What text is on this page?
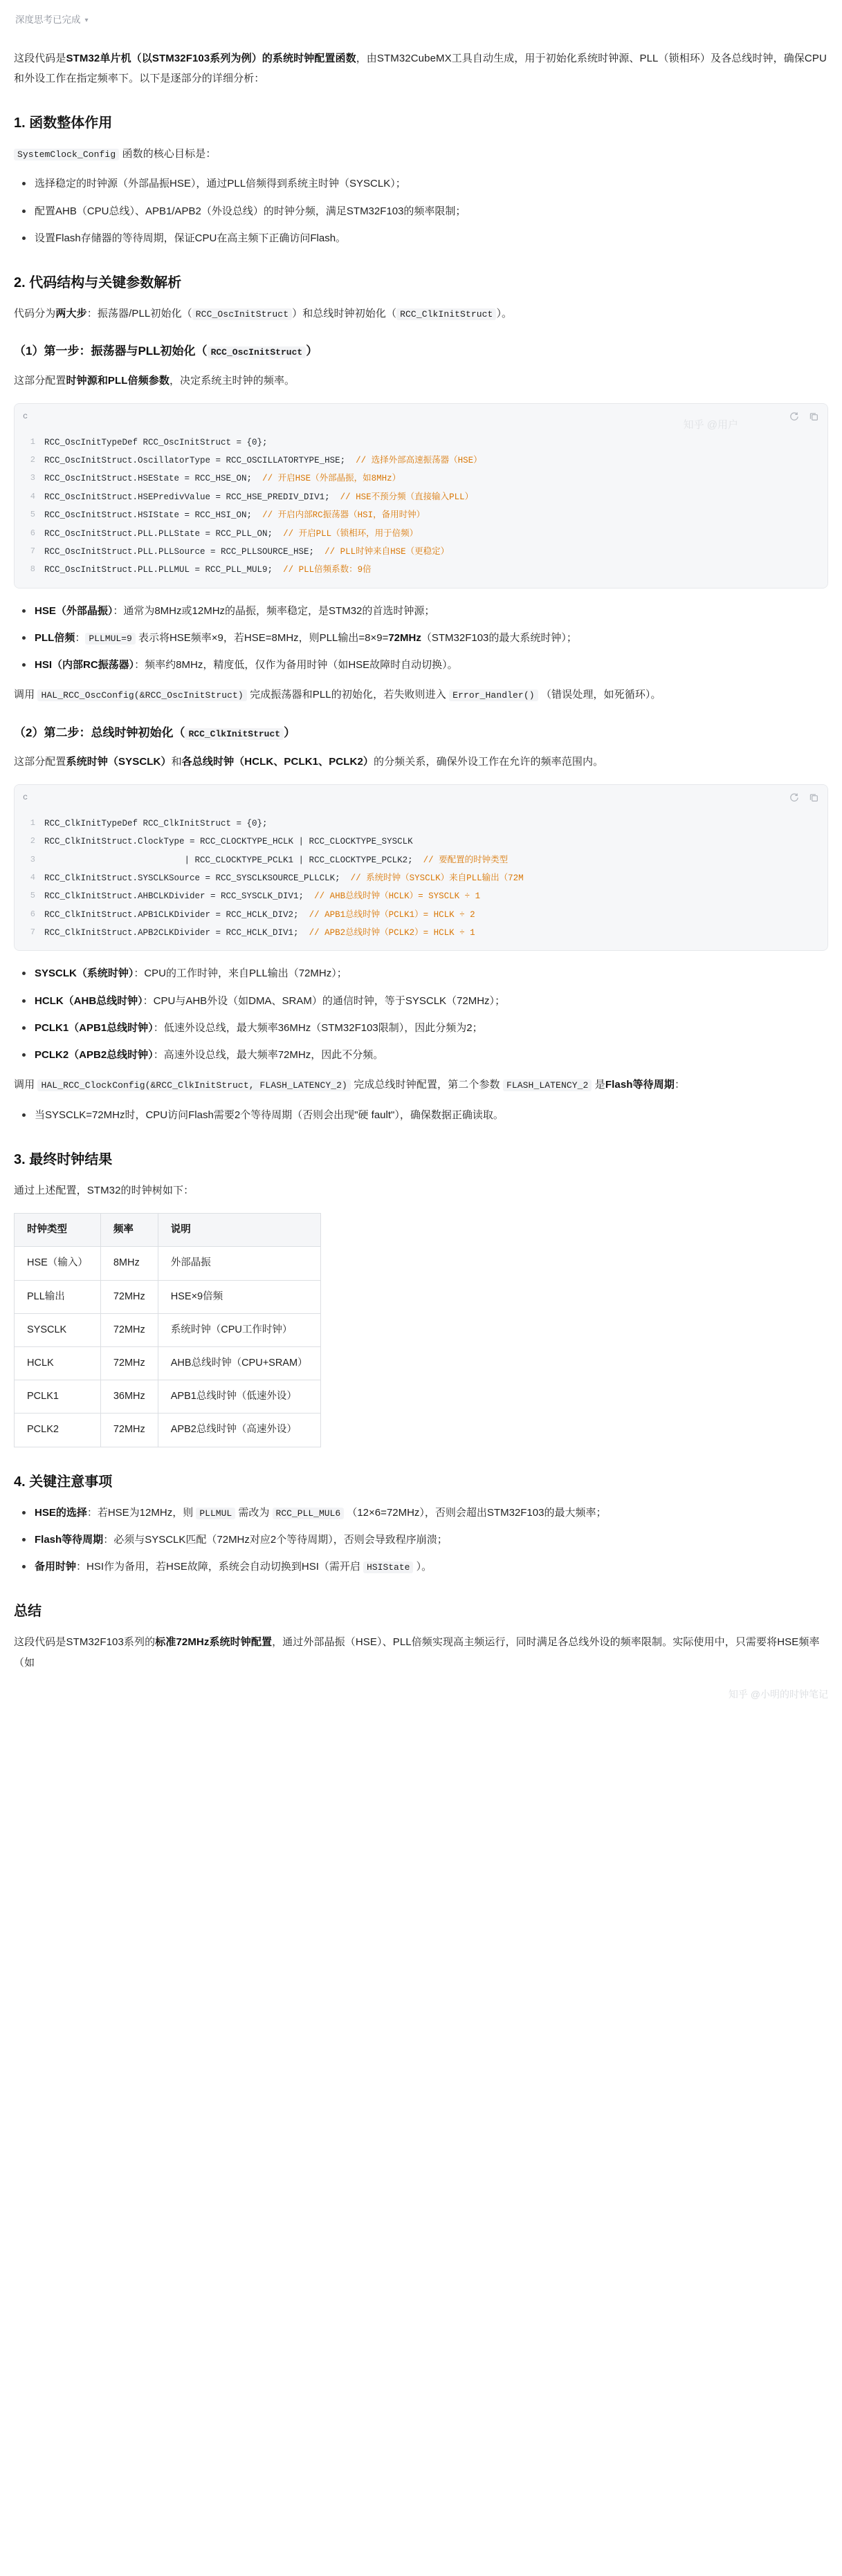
深度思考已完成 ▾

这段代码是STM32单片机（以STM32F103系列为例）的系统时钟配置函数，由STM32CubeMX工具自动生成，用于初始化系统时钟源、PLL（锁相环）及各总线时钟，确保CPU和外设工作在指定频率下。以下是逐部分的详细分析：

1. 函数整体作用

SystemClock_Config 函数的核心目标是：

选择稳定的时钟源（外部晶振HSE），通过PLL倍频得到系统主时钟（SYSCLK）；
配置AHB（CPU总线）、APB1/APB2（外设总线）的时钟分频，满足STM32F103的频率限制；
设置Flash存储器的等待周期，保证CPU在高主频下正确访问Flash。
2. 代码结构与关键参数解析

代码分为两大步：振荡器/PLL初始化（ RCC_OscInitStruct ）和总线时钟初始化（ RCC_ClkInitStruct ）。

（1）第一步：振荡器与PLL初始化（ RCC_OscInitStruct ）

这部分配置时钟源和PLL倍频参数，决定系统主时钟的频率。

c
1	RCC_OscInitTypeDef RCC_OscInitStruct = {0};
2	RCC_OscInitStruct.OscillatorType = RCC_OSCILLATORTYPE_HSE; // 选择外部高速振荡器（HSE）
3	RCC_OscInitStruct.HSEState = RCC_HSE_ON; // 开启HSE（外部晶振，如8MHz）
4	RCC_OscInitStruct.HSEPredivValue = RCC_HSE_PREDIV_DIV1; // HSE不预分频（直接输入PLL）
5	RCC_OscInitStruct.HSIState = RCC_HSI_ON; // 开启内部RC振荡器（HSI，备用时钟）
6	RCC_OscInitStruct.PLL.PLLState = RCC_PLL_ON; // 开启PLL（锁相环，用于倍频）
7	RCC_OscInitStruct.PLL.PLLSource = RCC_PLLSOURCE_HSE; // PLL时钟来自HSE（更稳定）
8	RCC_OscInitStruct.PLL.PLLMUL = RCC_PLL_MUL9; // PLL倍频系数：9倍
知乎 @用户
HSE（外部晶振）：通常为8MHz或12MHz的晶振，频率稳定，是STM32的首选时钟源；
PLL倍频： PLLMUL=9 表示将HSE频率×9，若HSE=8MHz，则PLL输出=8×9=72MHz（STM32F103的最大系统时钟）；
HSI（内部RC振荡器）：频率约8MHz，精度低，仅作为备用时钟（如HSE故障时自动切换）。

调用 HAL_RCC_OscConfig(&RCC_OscInitStruct) 完成振荡器和PLL的初始化，若失败则进入 Error_Handler() （错误处理，如死循环）。

（2）第二步：总线时钟初始化（ RCC_ClkInitStruct ）

这部分配置系统时钟（SYSCLK）和各总线时钟（HCLK、PCLK1、PCLK2）的分频关系，确保外设工作在允许的频率范围内。

c
1	RCC_ClkInitTypeDef RCC_ClkInitStruct = {0};
2	RCC_ClkInitStruct.ClockType = RCC_CLOCKTYPE_HCLK | RCC_CLOCKTYPE_SYSCLK
3	| RCC_CLOCKTYPE_PCLK1 | RCC_CLOCKTYPE_PCLK2; // 要配置的时钟类型
4	RCC_ClkInitStruct.SYSCLKSource = RCC_SYSCLKSOURCE_PLLCLK; // 系统时钟（SYSCLK）来自PLL输出（72M
5	RCC_ClkInitStruct.AHBCLKDivider = RCC_SYSCLK_DIV1; // AHB总线时钟（HCLK）= SYSCLK ÷ 1
6	RCC_ClkInitStruct.APB1CLKDivider = RCC_HCLK_DIV2; // APB1总线时钟（PCLK1）= HCLK ÷ 2
7	RCC_ClkInitStruct.APB2CLKDivider = RCC_HCLK_DIV1; // APB2总线时钟（PCLK2）= HCLK ÷ 1
SYSCLK（系统时钟）：CPU的工作时钟，来自PLL输出（72MHz）；
HCLK（AHB总线时钟）：CPU与AHB外设（如DMA、SRAM）的通信时钟，等于SYSCLK（72MHz）；
PCLK1（APB1总线时钟）：低速外设总线，最大频率36MHz（STM32F103限制），因此分频为2；
PCLK2（APB2总线时钟）：高速外设总线，最大频率72MHz，因此不分频。

调用 HAL_RCC_ClockConfig(&RCC_ClkInitStruct, FLASH_LATENCY_2) 完成总线时钟配置，第二个参数 FLASH_LATENCY_2 是Flash等待周期：

当SYSCLK=72MHz时，CPU访问Flash需要2个等待周期（否则会出现"硬 fault"），确保数据正确读取。
3. 最终时钟结果

通过上述配置，STM32的时钟树如下：

时钟类型	频率	说明
HSE（输入）	8MHz	外部晶振
PLL输出	72MHz	HSE×9倍频
SYSCLK	72MHz	系统时钟（CPU工作时钟）
HCLK	72MHz	AHB总线时钟（CPU+SRAM）
PCLK1	36MHz	APB1总线时钟（低速外设）
PCLK2	72MHz	APB2总线时钟（高速外设）
4. 关键注意事项
HSE的选择：若HSE为12MHz，则 PLLMUL 需改为 RCC_PLL_MUL6 （12×6=72MHz），否则会超出STM32F103的最大频率；
Flash等待周期：必须与SYSCLK匹配（72MHz对应2个等待周期），否则会导致程序崩溃；
备用时钟：HSI作为备用，若HSE故障，系统会自动切换到HSI（需开启 HSIState ）。
总结

这段代码是STM32F103系列的标准72MHz系统时钟配置，通过外部晶振（HSE）、PLL倍频实现高主频运行，同时满足各总线外设的频率限制。实际使用中，只需要将HSE频率（如

知乎 @小明的时钟笔记
